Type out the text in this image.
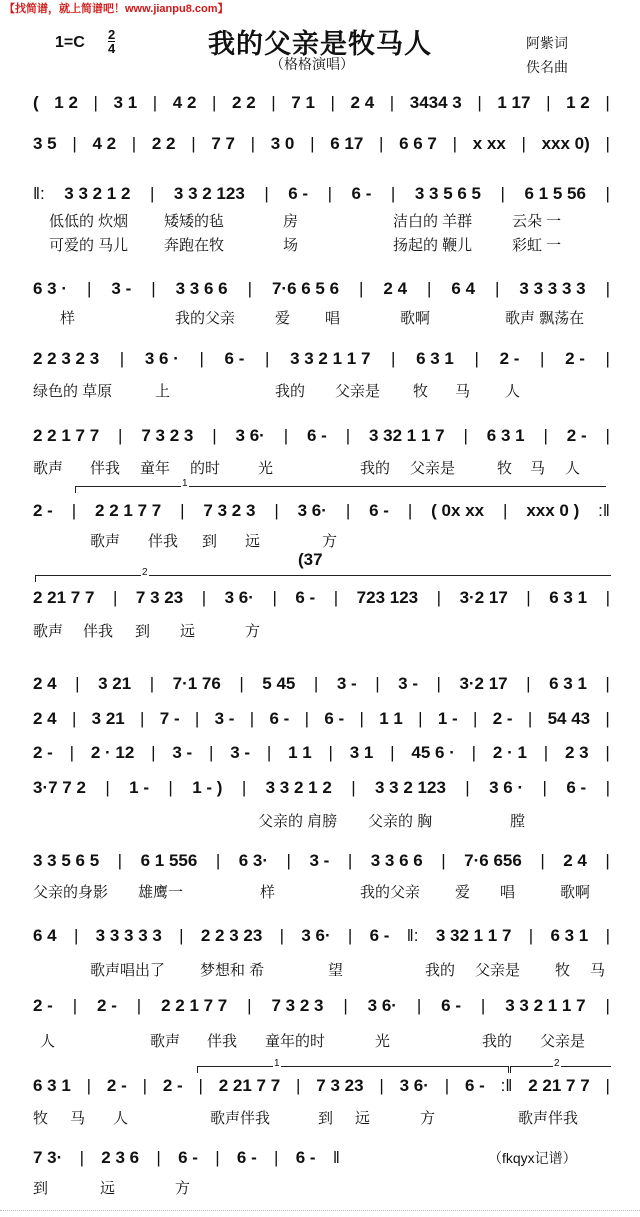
【找简谱，就上简谱吧！www.jianpu8.com】
1=C 2
4	我的父亲是牧马人
（格格演唱）
阿紫词
佚名曲
( 1 2 | 3 1 | 4 2 | 2 2 | 7 1 | 2 4 | 3434 3 | 1 17 | 1 2 |
3 5 | 4 2 | 2 2 | 7 7 | 3 0 | 6 17 | 6 6 7 | x xx | xxx 0) |
‖: 3 3 2 1 2 | 3 3 2 123 | 6 - | 6 - | 3 3 5 6 5 | 6 1 5 56 |
低低的 炊烟 矮矮的毡	房	洁白的 羊群	云朵 一
可爱的 马儿 奔跑在牧	场	扬起的 鞭儿	彩虹 一
6 3 · | 3 - | 3 3 6 6 | 7·6 6 5 6 | 2 4 | 6 4 | 3 3 3 3 3 |
样	我的父亲	爱 唱	歌啊	歌声 飘荡在
2 2 3 2 3 | 3 6 · | 6 - | 3 3 2 1 1 7 | 6 3 1 | 2 - | 2 - |
绿色的 草原	上	我的 父亲是 牧 马 人
2 2 1 7 7 | 7 3 2 3 | 3 6· | 6 - | 3 32 1 1 7 | 6 3 1 | 2 - |
歌声 伴我 童年 的时	光	我的 父亲是	牧 马 人
2 - | 2 2 1 7 7 | 7 3 2 3 | 3 6· | 6 - | ( 0x xx | xxx 0 ) :‖
歌声 伴我 到 远	方
2 21 7 7 | 7 3 23 | 3 6· | 6 - | 723 123 | 3·2 17 | 6 3 1 |
歌声 伴我 到 远	方
2 4 | 3 21 | 7·1 76 | 5 45 | 3 - | 3 - | 3·2 17 | 6 3 1 |
2 4 | 3 21 | 7 - | 3 - | 6 - | 6 - | 1 1 | 1 - | 2 - | 54 43 |
2 - | 2 · 12 | 3 - | 3 - | 1 1 | 3 1 | 45 6 · | 2 · 1 | 2 3 |
3·7 7 2 | 1 - | 1 - ) | 3 3 2 1 2 | 3 3 2 123 | 3 6 · | 6 - |
父亲的 肩膀 父亲的 胸	膛
3 3 5 6 5 | 6 1 556 | 6 3· | 3 - | 3 3 6 6 | 7·6 656 | 2 4 |
父亲的身影 雄鹰一	样	我的父亲 爱 唱	歌啊
6 4 | 3 3 3 3 3 | 2 2 3 23 | 3 6· | 6 - ‖: 3 32 1 1 7 | 6 3 1 |
歌声唱出了 梦想和 希	望	我的 父亲是 牧 马
2 - | 2 - | 2 2 1 7 7 | 7 3 2 3 | 3 6· | 6 - | 3 3 2 1 1 7 |
人	歌声 伴我 童年的时	光	我的 父亲是
6 3 1 | 2 - | 2 - | 2 21 7 7 | 7 3 23 | 3 6· | 6 - :‖ 2 21 7 7 |
牧 马 人	歌声伴我	到 远	方	歌声伴我
7 3· | 2 3 6 | 6 - | 6 - | 6 - ‖
到	远	方
1
(37
2
1	2
（fkqyx记谱）
